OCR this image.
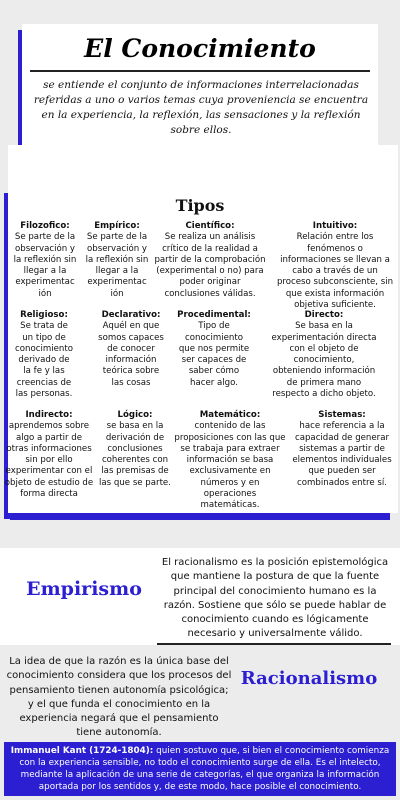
El Conocimiento

se entiende el conjunto de informaciones interrelacionadas referidas a uno o varios temas cuya proveniencia se encuentra en la experiencia, la reflexión, las sensaciones y la reflexión sobre ellos.

Tipos
Filozofico:
Se parte de la observación y la reflexión sin llegar a la experimentac ión
Empírico:
Se parte de la observación y la reflexión sin llegar a la experimentac ión
Científico:
Se realiza un análisis crítico de la realidad a partir de la comprobación (experimental o no) para poder originar conclusiones válidas.
Intuitivo:
Relación entre los fenómenos o informaciones se llevan a cabo a través de un proceso subconsciente, sin que exista información objetiva suficiente.
Religioso:
Se trata de un tipo de conocimiento derivado de la fe y las creencias de las personas.
Declarativo:
Aquél en que somos capaces de conocer información teórica sobre las cosas
Procedimental:
Tipo de conocimiento que nos permite ser capaces de saber cómo hacer algo.
Directo:
Se basa en la experimentación directa con el objeto de conocimiento, obteniendo información de primera mano respecto a dicho objeto.
Indirecto:
aprendemos sobre algo a partir de otras informaciones sin por ello experimentar con el objeto de estudio de forma directa
Lógico:
se basa en la derivación de conclusiones coherentes con las premisas de las que se parte.
Matemático:
contenido de las proposiciones con las que se trabaja para extraer información se basa exclusivamente en números y en operaciones matemáticas.
Sistemas:
hace referencia a la capacidad de generar sistemas a partir de elementos individuales que pueden ser combinados entre sí.
Empirismo

El racionalismo es la posición epistemológica que mantiene la postura de que la fuente principal del conocimiento humano es la razón. Sostiene que sólo se puede hablar de conocimiento cuando es lógicamente necesario y universalmente válido.

La idea de que la razón es la única base del conocimiento considera que los procesos del pensamiento tienen autonomía psicológica; y el que funda el conocimiento en la experiencia negará que el pensamiento tiene autonomía.

Racionalismo

Immanuel Kant (1724-1804): quien sostuvo que, si bien el conocimiento comienza con la experiencia sensible, no todo el conocimiento surge de ella. Es el intelecto, mediante la aplicación de una serie de categorías, el que organiza la información aportada por los sentidos y, de este modo, hace posible el conocimiento.
